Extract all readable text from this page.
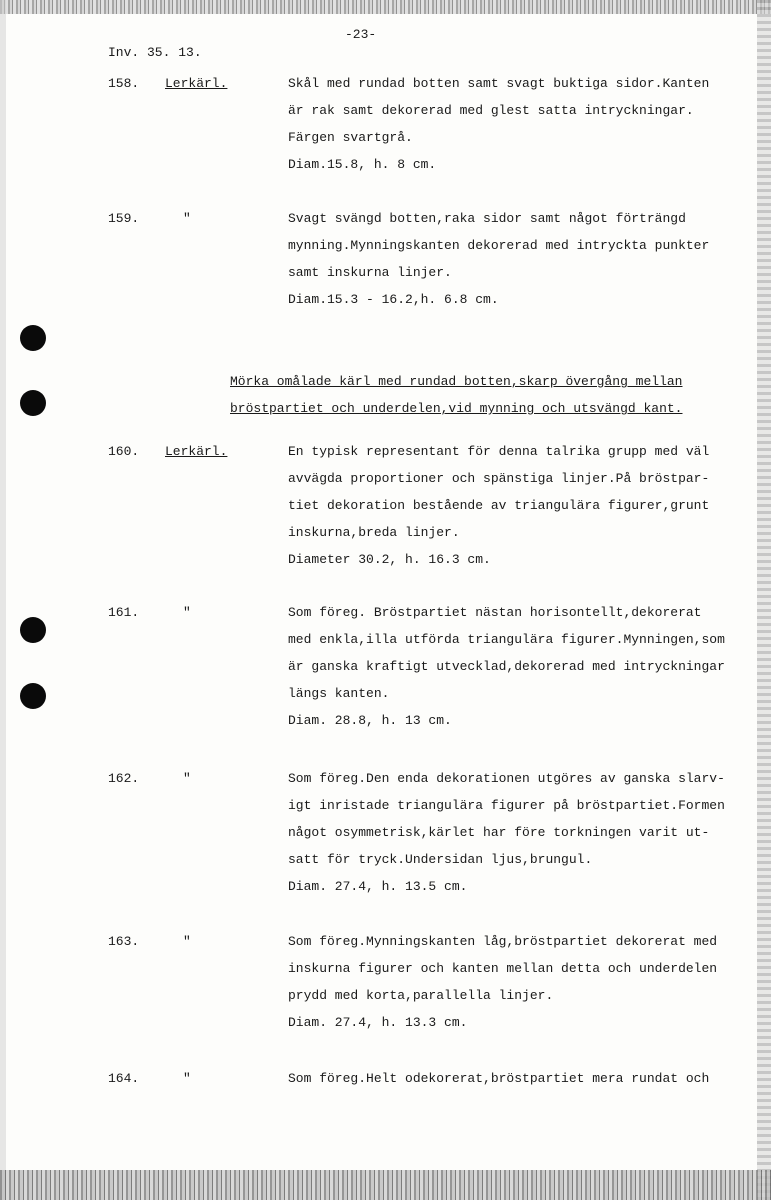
-23-
Inv. 35. 13.
158. Lerkärl.	Skål med rundad botten samt svagt buktiga sidor.Kanten
är rak samt dekorerad med glest satta intryckningar.
Färgen svartgrå.
Diam.15.8, h. 8 cm.
159.	"	Svagt svängd botten,raka sidor samt något förträngd
mynning.Mynningskanten dekorerad med intryckta punkter
samt inskurna linjer.
Diam.15.3 - 16.2,h. 6.8 cm.
Mörka omålade kärl med rundad botten,skarp övergång mellan
bröstpartiet och underdelen,vid mynning och utsvängd kant.
160. Lerkärl.	En typisk representant för denna talrika grupp med väl
avvägda proportioner och spänstiga linjer.På bröstpar-
tiet dekoration bestående av triangulära figurer,grunt
inskurna,breda linjer.
Diameter 30.2, h. 16.3 cm.
161.	"	Som föreg. Bröstpartiet nästan horisontellt,dekorerat
med enkla,illa utförda triangulära figurer.Mynningen,som
är ganska kraftigt utvecklad,dekorerad med intryckningar
längs kanten.
Diam. 28.8, h. 13 cm.
162.	"	Som föreg.Den enda dekorationen utgöres av ganska slarv-
igt inristade triangulära figurer på bröstpartiet.Formen
något osymmetrisk,kärlet har före torkningen varit ut-
satt för tryck.Undersidan ljus,brungul.
Diam. 27.4, h. 13.5 cm.
163.	"	Som föreg.Mynningskanten låg,bröstpartiet dekorerat med
inskurna figurer och kanten mellan detta och underdelen
prydd med korta,parallella linjer.
Diam. 27.4, h. 13.3 cm.
164.	"	Som föreg.Helt odekorerat,bröstpartiet mera rundat och
